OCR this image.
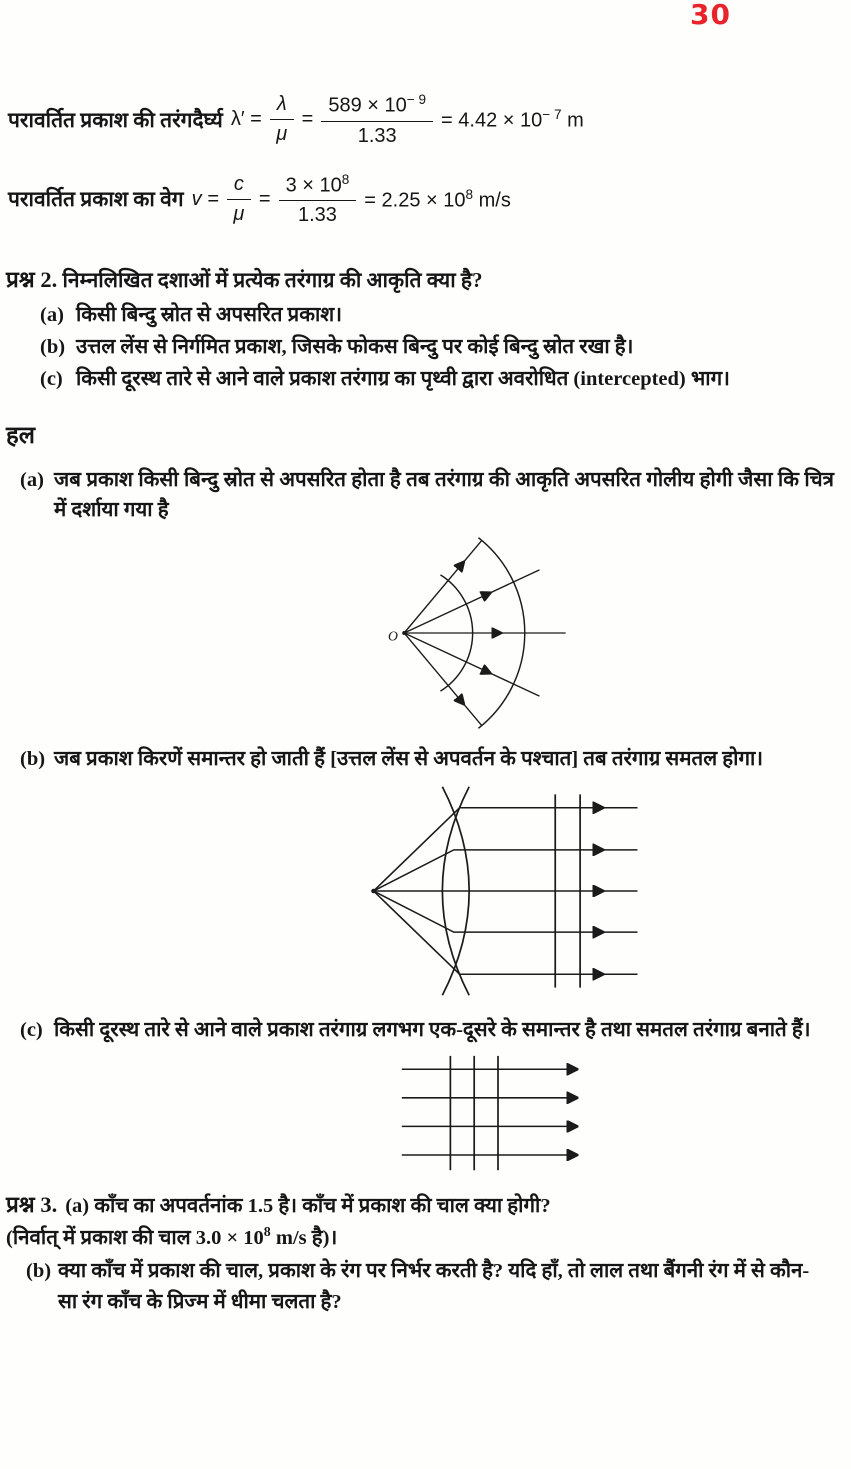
30
परावर्तित प्रकाश की तरंगदैर्घ्य $\lambda' = \frac{\lambda}{\mu} = \frac{589 \times 10^{- 9}}{1.33} = 4.42 \times 10^{- 7}$ m
परावर्तित प्रकाश का वेग $v = \frac{c}{\mu} = \frac{3 \times 10^8}{1.33} = 2.25 \times 10^8$ m/s
प्रश्न 2. निम्नलिखित दशाओं में प्रत्येक तरंगाग्र की आकृति क्या है?
(a) किसी बिन्दु स्रोत से अपसरित प्रकाश।
(b) उत्तल लेंस से निर्गमित प्रकाश, जिसके फोकस बिन्दु पर कोई बिन्दु स्रोत रखा है।
(c) किसी दूरस्थ तारे से आने वाले प्रकाश तरंगाग्र का पृथ्वी द्वारा अवरोधित (intercepted) भाग।
हल
(a) जब प्रकाश किसी बिन्दु स्रोत से अपसरित होता है तब तरंगाग्र की आकृति अपसरित गोलीय होगी जैसा कि चित्र में दर्शाया गया है
O
(b) जब प्रकाश किरणें समान्तर हो जाती हैं [उत्तल लेंस से अपवर्तन के पश्चात] तब तरंगाग्र समतल होगा।
(c) किसी दूरस्थ तारे से आने वाले प्रकाश तरंगाग्र लगभग एक-दूसरे के समान्तर है तथा समतल तरंगाग्र बनाते हैं।
प्रश्न 3. (a) काँच का अपवर्तनांक 1.5 है। काँच में प्रकाश की चाल क्या होगी?
(निर्वात् में प्रकाश की चाल $3.0 \times 10^8$ m/s है)।
(b) क्या काँच में प्रकाश की चाल, प्रकाश के रंग पर निर्भर करती है? यदि हाँ, तो लाल तथा बैंगनी रंग में से कौन-सा रंग काँच के प्रिज्म में धीमा चलता है?
